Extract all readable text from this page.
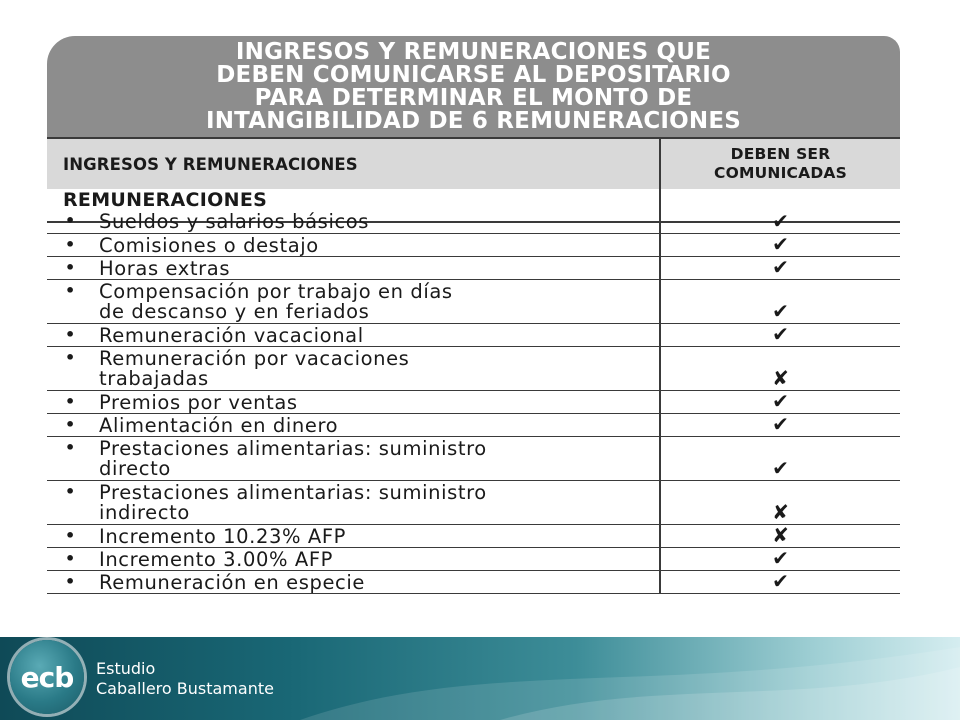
INGRESOS Y REMUNERACIONES QUE
DEBEN COMUNICARSE AL DEPOSITARIO
PARA DETERMINAR EL MONTO DE
INTANGIBILIDAD DE 6 REMUNERACIONES
INGRESOS Y REMUNERACIONES
DEBEN SER
COMUNICADAS
REMUNERACIONES
• Sueldos y salarios básicos	✔
• Comisiones o destajo	✔
• Horas extras	✔
• Compensación por trabajo en días
de descanso y en feriados	✔
• Remuneración vacacional	✔
• Remuneración por vacaciones
trabajadas	✘
• Premios por ventas	✔
• Alimentación en dinero	✔
• Prestaciones alimentarias: suministro
directo	✔
• Prestaciones alimentarias: suministro
indirecto	✘
• Incremento 10.23% AFP	✘
• Incremento 3.00% AFP	✔
• Remuneración en especie	✔
ecb Estudio
Caballero Bustamante
